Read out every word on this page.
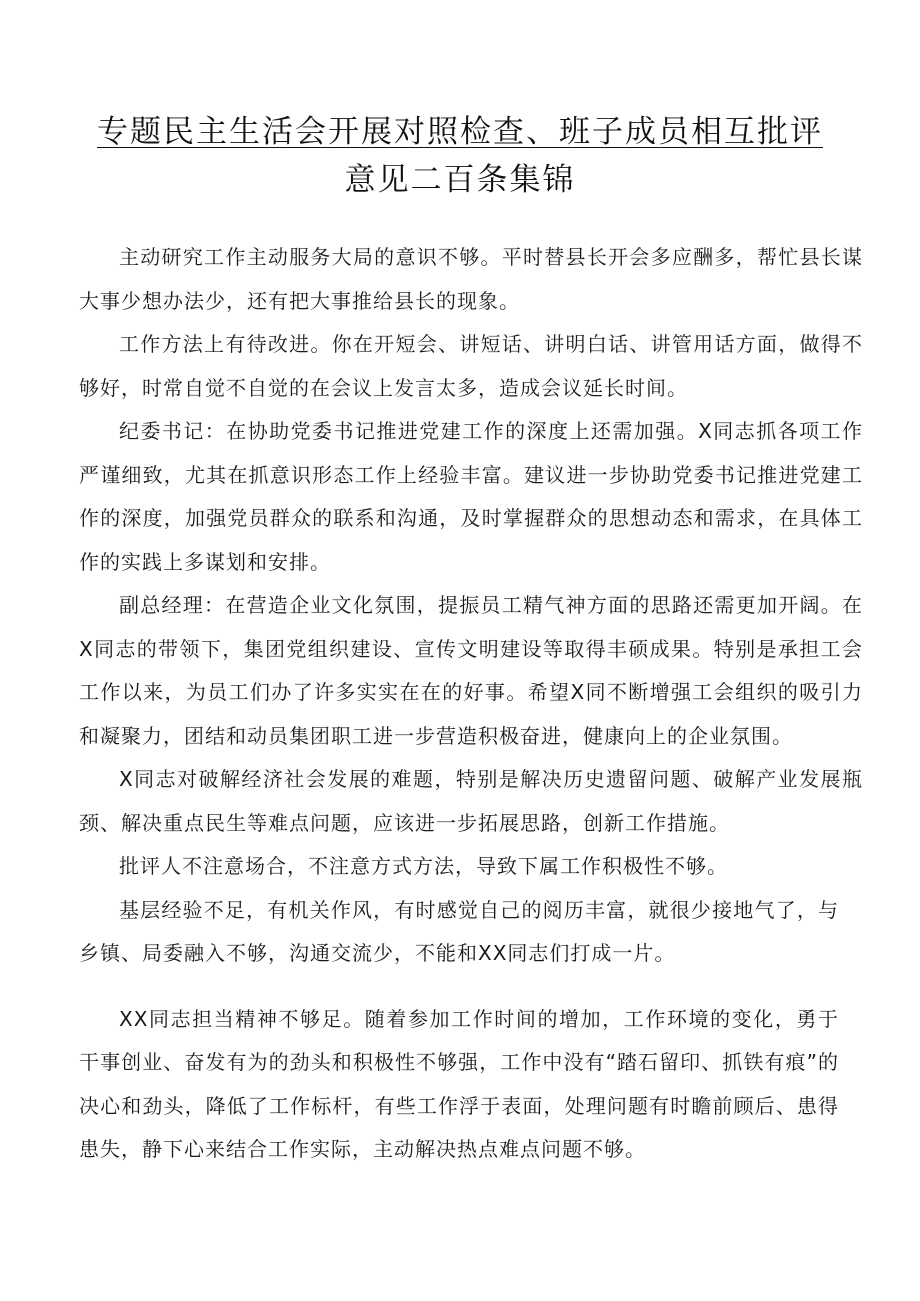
专题民主生活会开展对照检查、班子成员相互批评
意见二百条集锦

主动研究工作主动服务大局的意识不够。平时替县长开会多应酬多，帮忙县长谋大事少想办法少，还有把大事推给县长的现象。

工作方法上有待改进。你在开短会、讲短话、讲明白话、讲管用话方面，做得不够好，时常自觉不自觉的在会议上发言太多，造成会议延长时间。

纪委书记：在协助党委书记推进党建工作的深度上还需加强。X同志抓各项工作严谨细致，尤其在抓意识形态工作上经验丰富。建议进一步协助党委书记推进党建工作的深度，加强党员群众的联系和沟通，及时掌握群众的思想动态和需求，在具体工作的实践上多谋划和安排。

副总经理：在营造企业文化氛围，提振员工精气神方面的思路还需更加开阔。在X同志的带领下，集团党组织建设、宣传文明建设等取得丰硕成果。特别是承担工会工作以来，为员工们办了许多实实在在的好事。希望X同不断增强工会组织的吸引力和凝聚力，团结和动员集团职工进一步营造积极奋进，健康向上的企业氛围。

X同志对破解经济社会发展的难题，特别是解决历史遗留问题、破解产业发展瓶颈、解决重点民生等难点问题，应该进一步拓展思路，创新工作措施。

批评人不注意场合，不注意方式方法，导致下属工作积极性不够。

基层经验不足，有机关作风，有时感觉自己的阅历丰富，就很少接地气了，与乡镇、局委融入不够，沟通交流少，不能和XX同志们打成一片。

XX同志担当精神不够足。随着参加工作时间的增加，工作环境的变化，勇于干事创业、奋发有为的劲头和积极性不够强，工作中没有“踏石留印、抓铁有痕”的决心和劲头，降低了工作标杆，有些工作浮于表面，处理问题有时瞻前顾后、患得患失，静下心来结合工作实际，主动解决热点难点问题不够。
